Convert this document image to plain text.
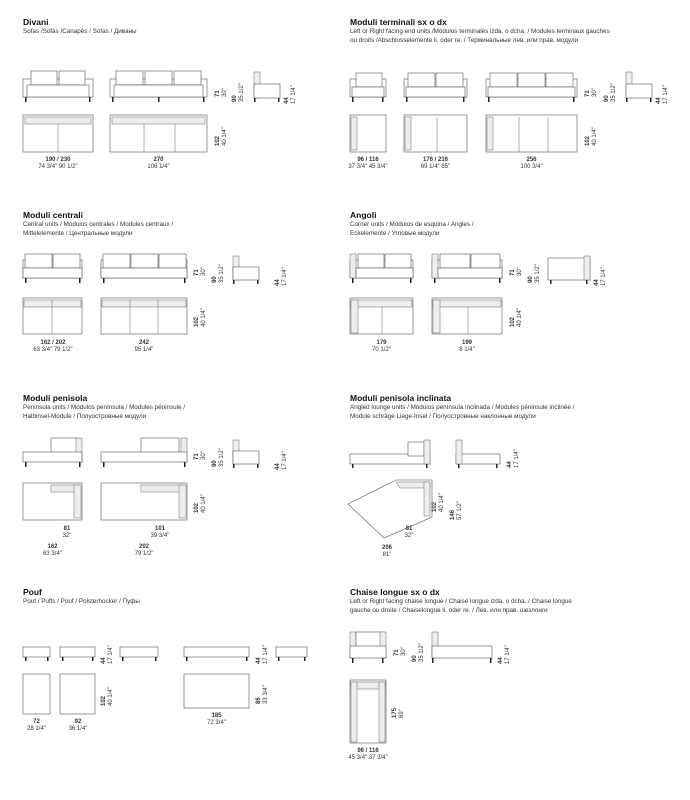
Divani
Sofas /Sofás /Canapés / Sofas / Диваны
190 / 230
74 3/4" 90 1/2"
270
106 1/4"
71 30"
90 35 1/2"	44 17 1/4"
102 40 1/4"
Moduli terminali sx o dx
Left or Right facing end units /Módulos terminales izda. o dcha. / Modules terminaux gauches
ou droits /Abschlusselemente li. oder re. / Терминальные лев. или прав. модули
96 / 116
37 3/4" 45 3/4"
176 / 216
69 1/4" 85"
256
100 3/4"
71 30"
90 35 1/2"	44 17 1/4"
102 40 1/4"
Moduli centrali
Central units / Módulos centrales / Modules centraux /
Mittelelemente / Центральные модули
162 / 202
63 3/4" 79 1/2"
242
95 1/4"
71 30"
90 35 1/2"	44 17 1/4"
102 40 1/4"
Angoli
Corner units / Módulos de esquina / Angles /
Eckelemente / Угловые модули
179
70 1/2"
199
8 1/4"
71 30"
90 35 1/2"	44 17 1/4"
102 40 1/4"
Moduli penisola
Peninsula units / Módulos península / Modules péninsule /
Halbinsel-Module / Полуостровные модули
81
32"
101
39 3/4"
162
63 3/4"
202
79 1/2"
71 30"
90 35 1/2"	44 17 1/4"
102 40 1/4"
Moduli penisola inclinata
Angled lounge units / Módulos península inclinada / Modules péninsule inclinée /
Module schräge Liege-Insel / Полуостровные наклонные модули
81
32"
206
81"
44 17 1/4"
102 40 1/4"
146 57 1/2"
Pouf
Pouf / Puffs / Pouf / Polsterhocker / Пуфы
72
28 1/4"
92
36 1/4"
185
72 3/4"
44 17 1/4"	44 17 1/4"
102 40 1/4"	86 33 3/4"
Chaise longue sx o dx
Left or Right facing chaise longue / Chaise longue izda. o dcha. / Chaise longue
gauche ou droite / Chaiselongue li. oder re. / Лев. или прав. шезлонги
96 / 116
45 3/4" 37 3/4"
71 30"
90 35 1/2"	44 17 1/4"
175 69"
